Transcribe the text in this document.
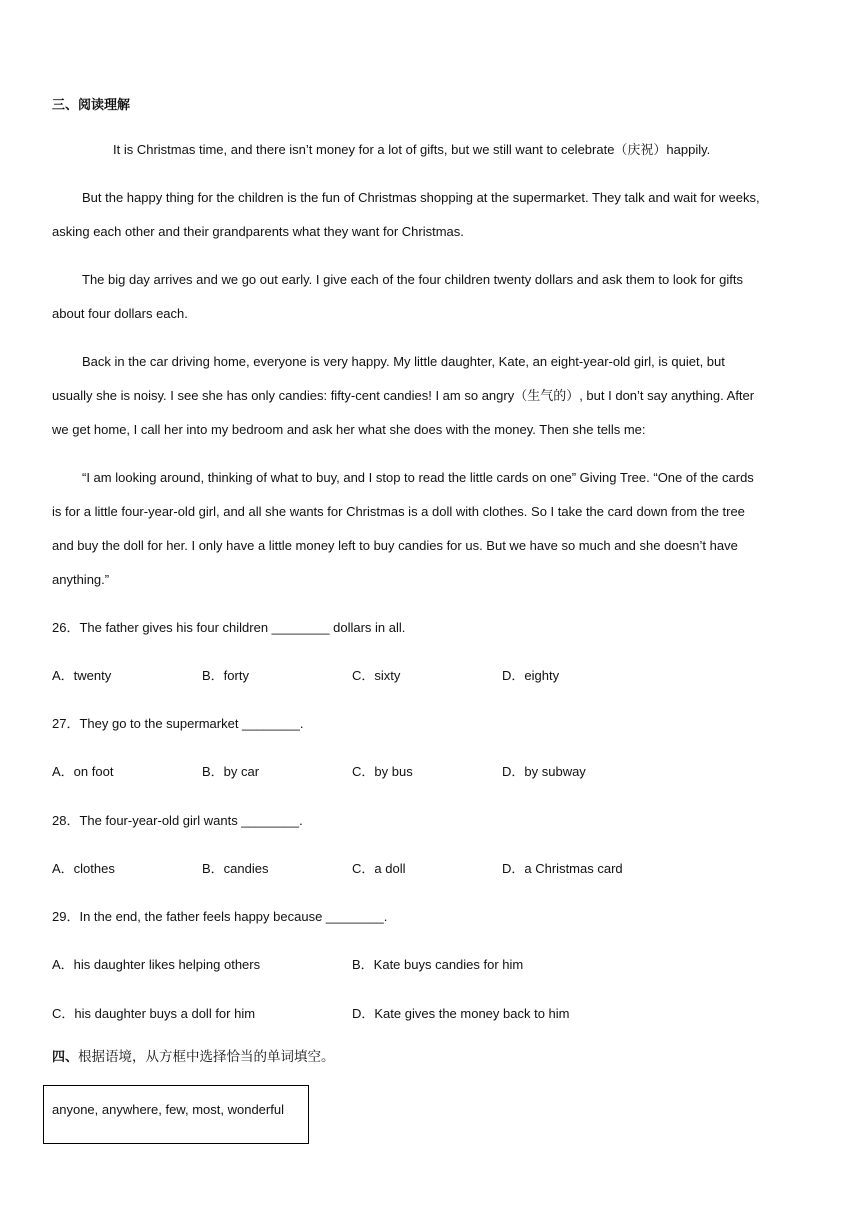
三、阅读理解
It is Christmas time, and there isn’t money for a lot of gifts, but we still want to celebrate（庆祝）happily.
But the happy thing for the children is the fun of Christmas shopping at the supermarket. They talk and wait for weeks,
asking each other and their grandparents what they want for Christmas.
The big day arrives and we go out early. I give each of the four children twenty dollars and ask them to look for gifts
about four dollars each.
Back in the car driving home, everyone is very happy. My little daughter, Kate, an eight-year-old girl, is quiet, but
usually she is noisy. I see she has only candies: fifty-cent candies! I am so angry（生气的）, but I don’t say anything. After
we get home, I call her into my bedroom and ask her what she does with the money. Then she tells me:
“I am looking around, thinking of what to buy, and I stop to read the little cards on one” Giving Tree. “One of the cards
is for a little four-year-old girl, and all she wants for Christmas is a doll with clothes. So I take the card down from the tree
and buy the doll for her. I only have a little money left to buy candies for us. But we have so much and she doesn’t have
anything.”
26．The father gives his four children ________ dollars in all.
A．twenty	B．forty	C．sixty	D．eighty
27．They go to the supermarket ________.
A．on foot	B．by car	C．by bus	D．by subway
28．The four-year-old girl wants ________.
A．clothes	B．candies	C．a doll	D．a Christmas card
29．In the end, the father feels happy because ________.
A．his daughter likes helping others	B．Kate buys candies for him
C．his daughter buys a doll for him	D．Kate gives the money back to him
四、根据语境，从方框中选择恰当的单词填空。
anyone, anywhere, few, most, wonderful
